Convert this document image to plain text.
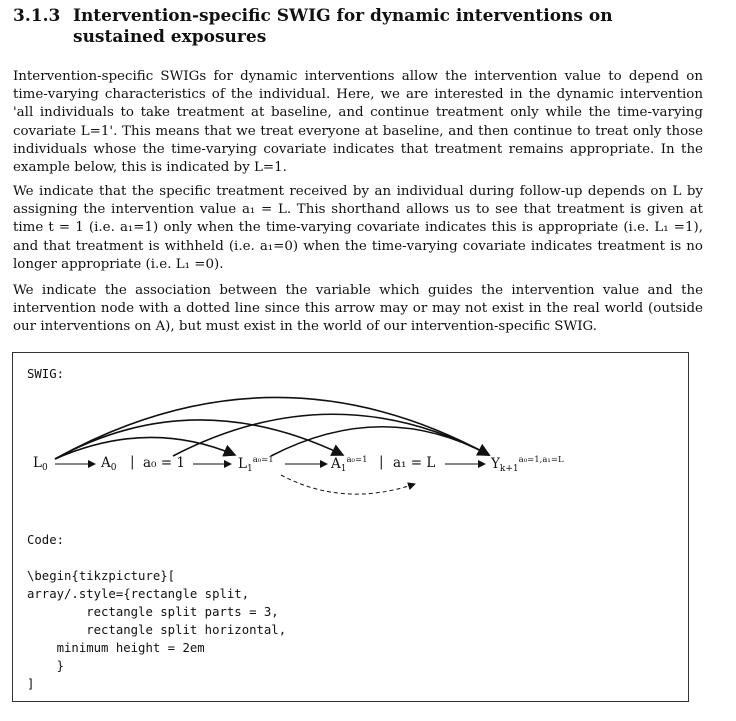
3.1.3 Intervention-specific SWIG for dynamic interventions on sustained exposures
Intervention-specific SWIGs for dynamic interventions allow the intervention value to depend on time-varying characteristics of the individual. Here, we are interested in the dynamic intervention 'all individuals to take treatment at baseline, and continue treatment only while the time-varying covariate L=1'. This means that we treat everyone at baseline, and then continue to treat only those individuals whose the time-varying covariate indicates that treatment remains appropriate. In the example below, this is indicated by L=1.
We indicate that the specific treatment received by an individual during follow-up depends on L by assigning the intervention value a₁ = L. This shorthand allows us to see that treatment is given at time t = 1 (i.e. a₁=1) only when the time-varying covariate indicates this is appropriate (i.e. L₁ =1), and that treatment is withheld (i.e. a₁=0) when the time-varying covariate indicates treatment is no longer appropriate (i.e. L₁ =0).
We indicate the association between the variable which guides the intervention value and the intervention node with a dotted line since this arrow may or may not exist in the real world (outside our interventions on A), but must exist in the world of our intervention-specific SWIG.
SWIG:
$L_0$	$A_0$ | a₀ = 1	$L_1^{a_0=1}$	$A_1^{a_0=1}$ | a₁ = L	$Y_{k+1}^{a_0=1,a_1=L}$
Code:
\begin{tikzpicture}[
array/.style={rectangle split,
rectangle split parts = 3,
rectangle split horizontal,
minimum height = 2em
}
]
